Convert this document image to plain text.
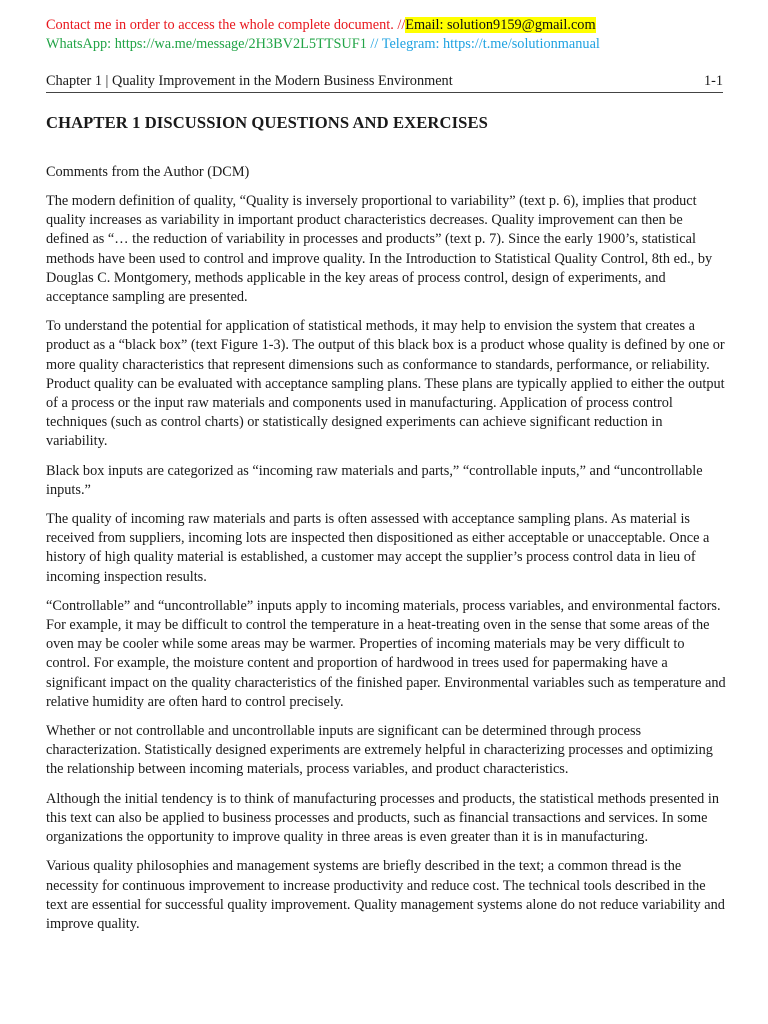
Contact me in order to access the whole complete document. //Email: solution9159@gmail.com
WhatsApp: https://wa.me/message/2H3BV2L5TTSUF1 // Telegram: https://t.me/solutionmanual
Chapter 1 | Quality Improvement in the Modern Business Environment	1-1
CHAPTER 1 DISCUSSION QUESTIONS AND EXERCISES
Comments from the Author (DCM)

The modern definition of quality, “Quality is inversely proportional to variability” (text p. 6), implies that product quality increases as variability in important product characteristics decreases. Quality improvement can then be defined as “… the reduction of variability in processes and products” (text p. 7). Since the early 1900’s, statistical methods have been used to control and improve quality. In the Introduction to Statistical Quality Control, 8th ed., by Douglas C. Montgomery, methods applicable in the key areas of process control, design of experiments, and acceptance sampling are presented.

To understand the potential for application of statistical methods, it may help to envision the system that creates a product as a “black box” (text Figure 1-3). The output of this black box is a product whose quality is defined by one or more quality characteristics that represent dimensions such as conformance to standards, performance, or reliability. Product quality can be evaluated with acceptance sampling plans. These plans are typically applied to either the output of a process or the input raw materials and components used in manufacturing. Application of process control techniques (such as control charts) or statistically designed experiments can achieve significant reduction in variability.

Black box inputs are categorized as “incoming raw materials and parts,” “controllable inputs,” and “uncontrollable inputs.”

The quality of incoming raw materials and parts is often assessed with acceptance sampling plans. As material is received from suppliers, incoming lots are inspected then dispositioned as either acceptable or unacceptable. Once a history of high quality material is established, a customer may accept the supplier’s process control data in lieu of incoming inspection results.

“Controllable” and “uncontrollable” inputs apply to incoming materials, process variables, and environmental factors. For example, it may be difficult to control the temperature in a heat-treating oven in the sense that some areas of the oven may be cooler while some areas may be warmer. Properties of incoming materials may be very difficult to control. For example, the moisture content and proportion of hardwood in trees used for papermaking have a significant impact on the quality characteristics of the finished paper. Environmental variables such as temperature and relative humidity are often hard to control precisely.

Whether or not controllable and uncontrollable inputs are significant can be determined through process characterization. Statistically designed experiments are extremely helpful in characterizing processes and optimizing the relationship between incoming materials, process variables, and product characteristics.

Although the initial tendency is to think of manufacturing processes and products, the statistical methods presented in this text can also be applied to business processes and products, such as financial transactions and services. In some organizations the opportunity to improve quality in three areas is even greater than it is in manufacturing.

Various quality philosophies and management systems are briefly described in the text; a common thread is the necessity for continuous improvement to increase productivity and reduce cost. The technical tools described in the text are essential for successful quality improvement. Quality management systems alone do not reduce variability and improve quality.
